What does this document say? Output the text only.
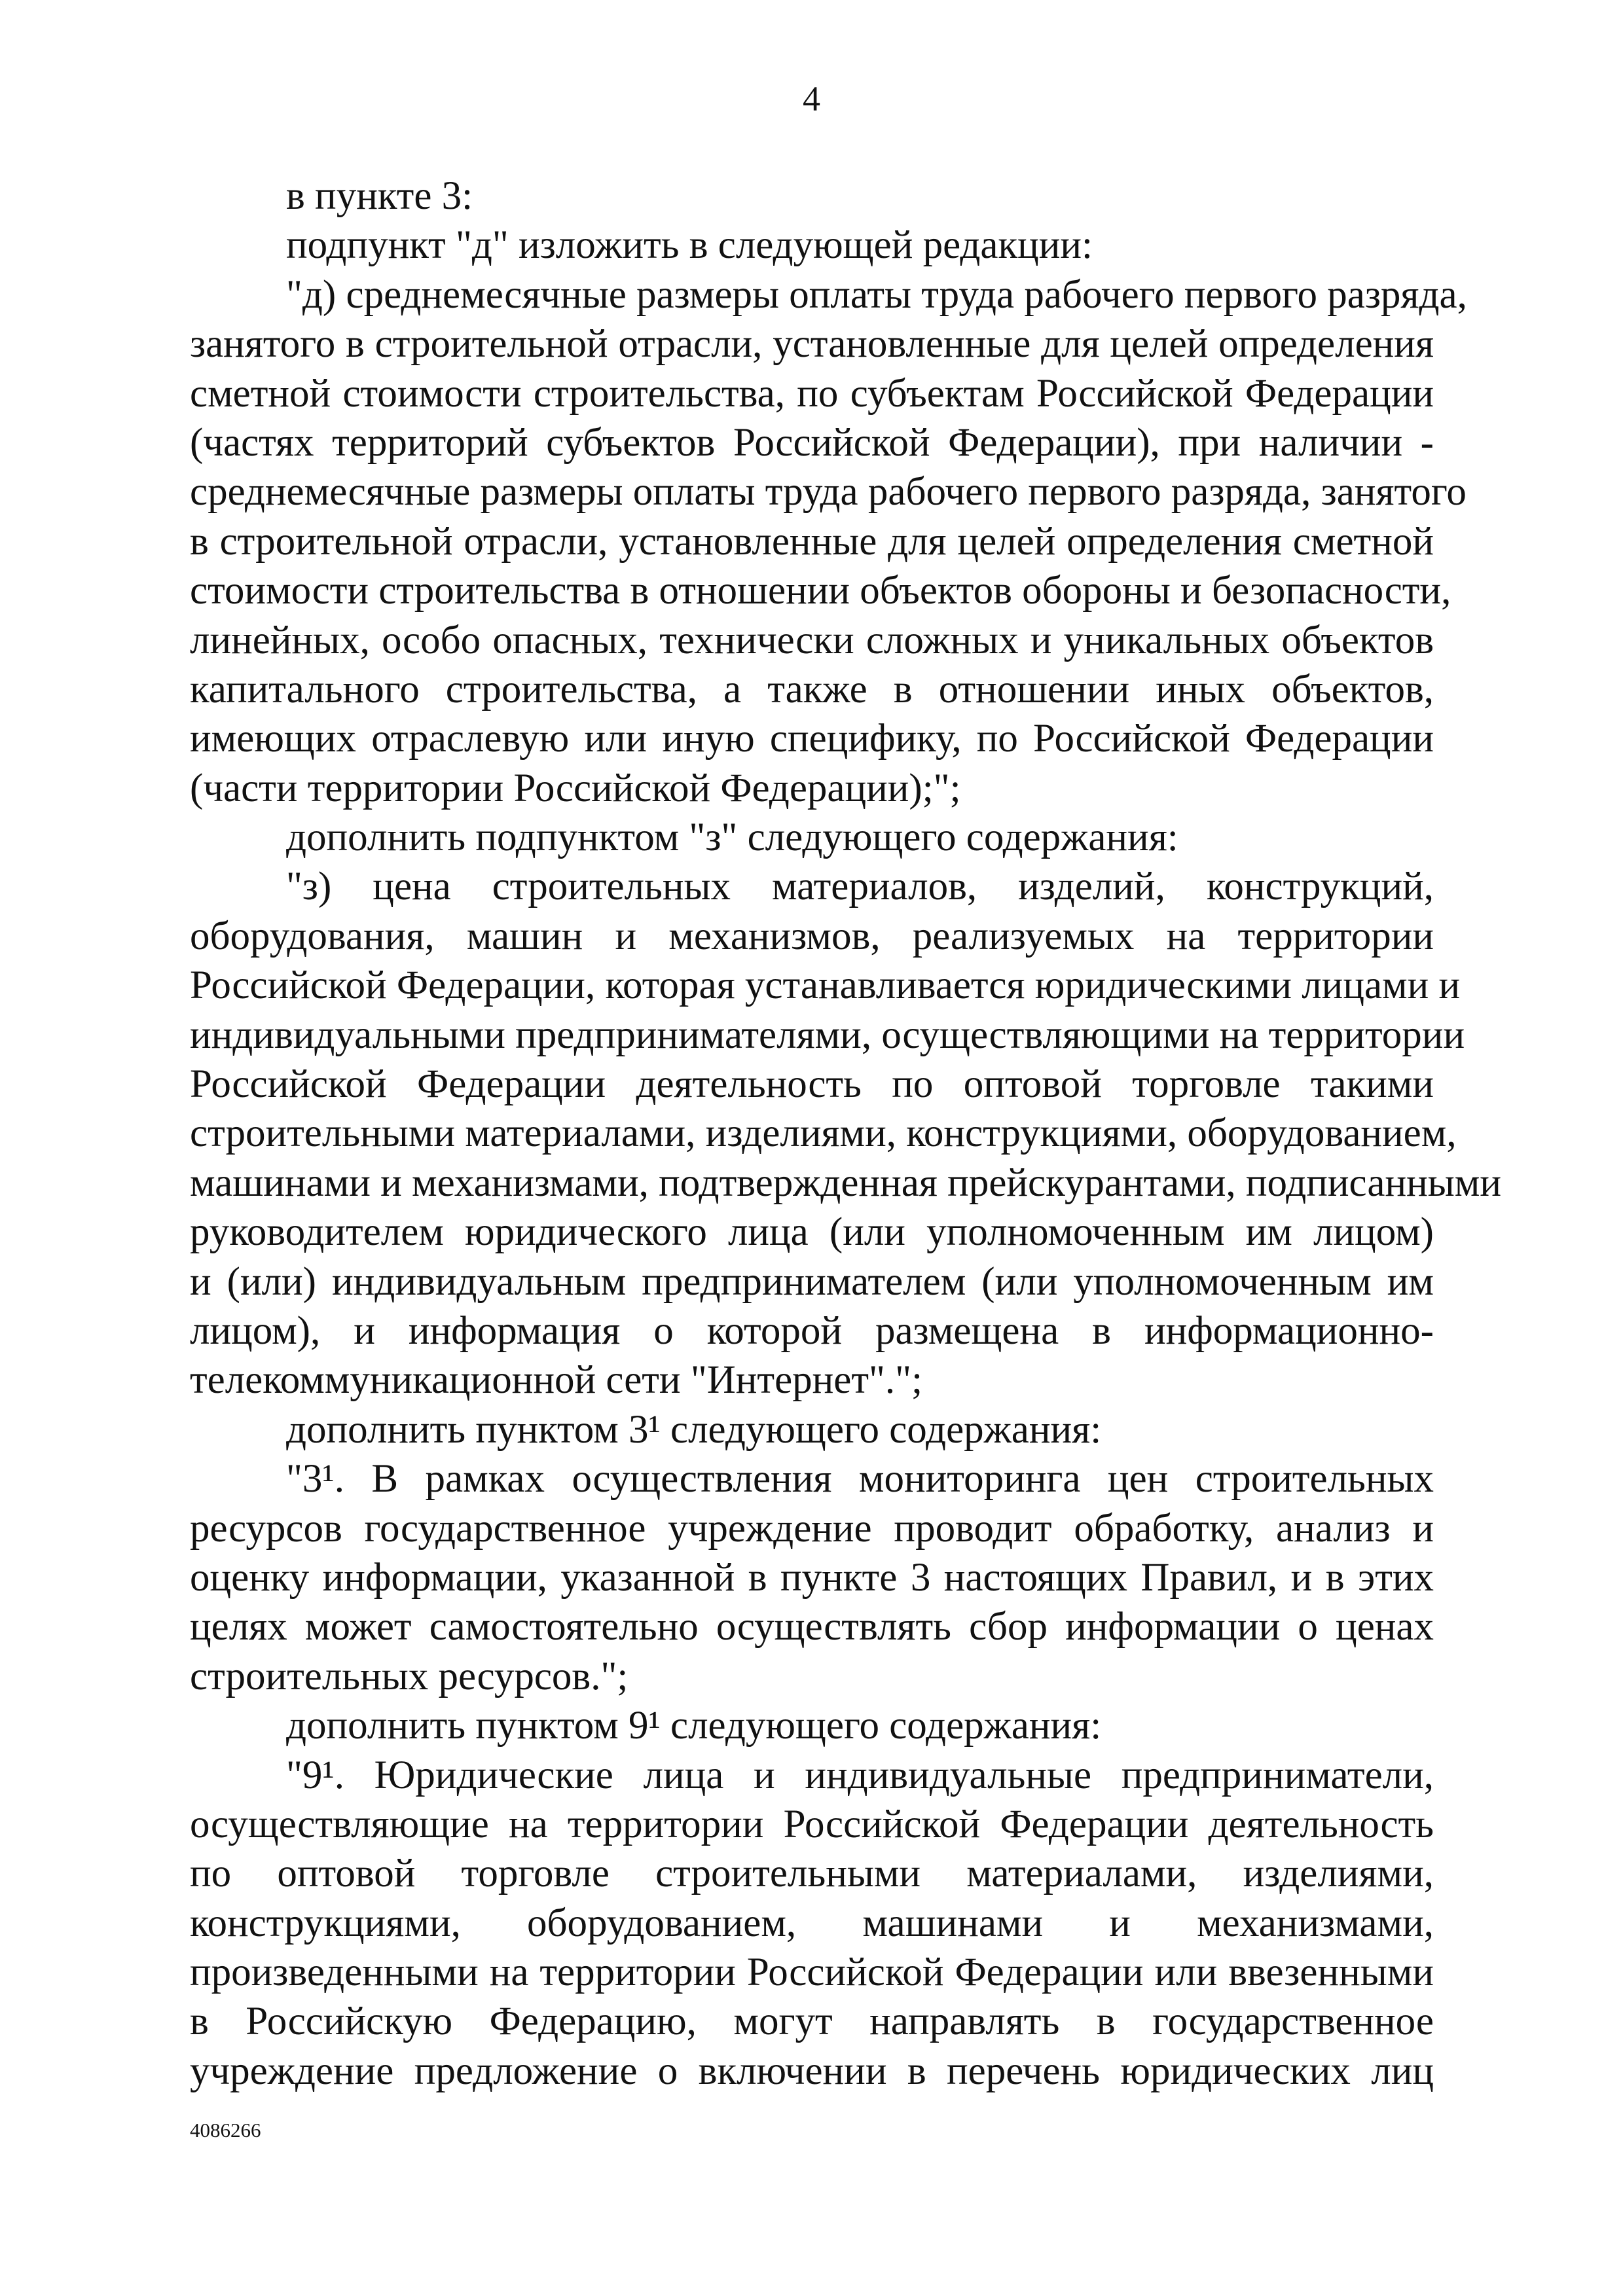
4
в пункте 3:
подпункт "д" изложить в следующей редакции:
"д) среднемесячные размеры оплаты труда рабочего первого разряда,
занятого в строительной отрасли, установленные для целей определения
сметной стоимости строительства, по субъектам Российской Федерации
(частях территорий субъектов Российской Федерации), при наличии -
среднемесячные размеры оплаты труда рабочего первого разряда, занятого
в строительной отрасли, установленные для целей определения сметной
стоимости строительства в отношении объектов обороны и безопасности,
линейных, особо опасных, технически сложных и уникальных объектов
капитального строительства, а также в отношении иных объектов,
имеющих отраслевую или иную специфику, по Российской Федерации
(части территории Российской Федерации);";
дополнить подпунктом "з" следующего содержания:
"з) цена строительных материалов, изделий, конструкций,
оборудования, машин и механизмов, реализуемых на территории
Российской Федерации, которая устанавливается юридическими лицами и
индивидуальными предпринимателями, осуществляющими на территории
Российской Федерации деятельность по оптовой торговле такими
строительными материалами, изделиями, конструкциями, оборудованием,
машинами и механизмами, подтвержденная прейскурантами, подписанными
руководителем юридического лица (или уполномоченным им лицом)
и (или) индивидуальным предпринимателем (или уполномоченным им
лицом), и информация о которой размещена в информационно-
телекоммуникационной сети "Интернет".";
дополнить пунктом 3¹ следующего содержания:
"3¹. В рамках осуществления мониторинга цен строительных
ресурсов государственное учреждение проводит обработку, анализ и
оценку информации, указанной в пункте 3 настоящих Правил, и в этих
целях может самостоятельно осуществлять сбор информации о ценах
строительных ресурсов.";
дополнить пунктом 9¹ следующего содержания:
"9¹. Юридические лица и индивидуальные предприниматели,
осуществляющие на территории Российской Федерации деятельность
по оптовой торговле строительными материалами, изделиями,
конструкциями, оборудованием, машинами и механизмами,
произведенными на территории Российской Федерации или ввезенными
в Российскую Федерацию, могут направлять в государственное
учреждение предложение о включении в перечень юридических лиц
4086266
